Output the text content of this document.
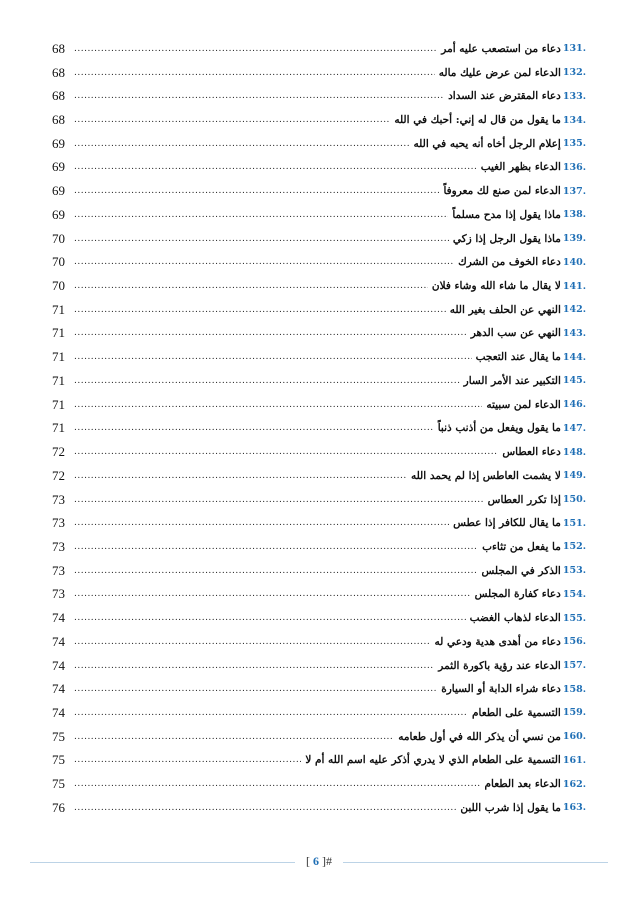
131.
دعاء من استصعب عليه أمر
.....
68
132.
الدعاء لمن عرض عليك ماله
.....
68
133.
دعاء المقترض عند السداد
.....
68
134.
ما يقول من قال له إني: أحبك في الله
.....
68
135.
إعلام الرجل أخاه أنه يحبه في الله
.....
69
136.
الدعاء بظهر الغيب
.....
69
137.
الدعاء لمن صنع لك معروفاً
.....
69
138.
ماذا يقول إذا مدح مسلماً
.....
69
139.
ماذا يقول الرجل إذا زكي
.....
70
140.
دعاء الخوف من الشرك
.....
70
141.
لا يقال ما شاء الله وشاء فلان
.....
70
142.
النهي عن الحلف بغير الله
.....
71
143.
النهي عن سب الدهر
.....
71
144.
ما يقال عند التعجب
.....
71
145.
التكبير عند الأمر السار
.....
71
146.
الدعاء لمن سبيته
.....
71
147.
ما يقول ويفعل من أذنب ذنباً
.....
71
148.
دعاء العطاس
.....
72
149.
لا يشمت العاطس إذا لم يحمد الله
.....
72
150.
إذا تكرر العطاس
.....
73
151.
ما يقال للكافر إذا عطس
.....
73
152.
ما يفعل من تثاءب
.....
73
153.
الذكر في المجلس
.....
73
154.
دعاء كفارة المجلس
.....
73
155.
الدعاء لذهاب الغضب
.....
74
156.
دعاء من أهدى هدية ودعي له
.....
74
157.
الدعاء عند رؤية باكورة الثمر
.....
74
158.
دعاء شراء الدابة أو السيارة
.....
74
159.
التسمية على الطعام
.....
74
160.
من نسي أن يذكر الله في أول طعامه
.....
75
161.
التسمية على الطعام الذي لا يدري أذكر عليه اسم الله أم لا
.....
75
162.
الدعاء بعد الطعام
.....
75
163.
ما يقول إذا شرب اللبن
.....
76
[ 6 ]#
